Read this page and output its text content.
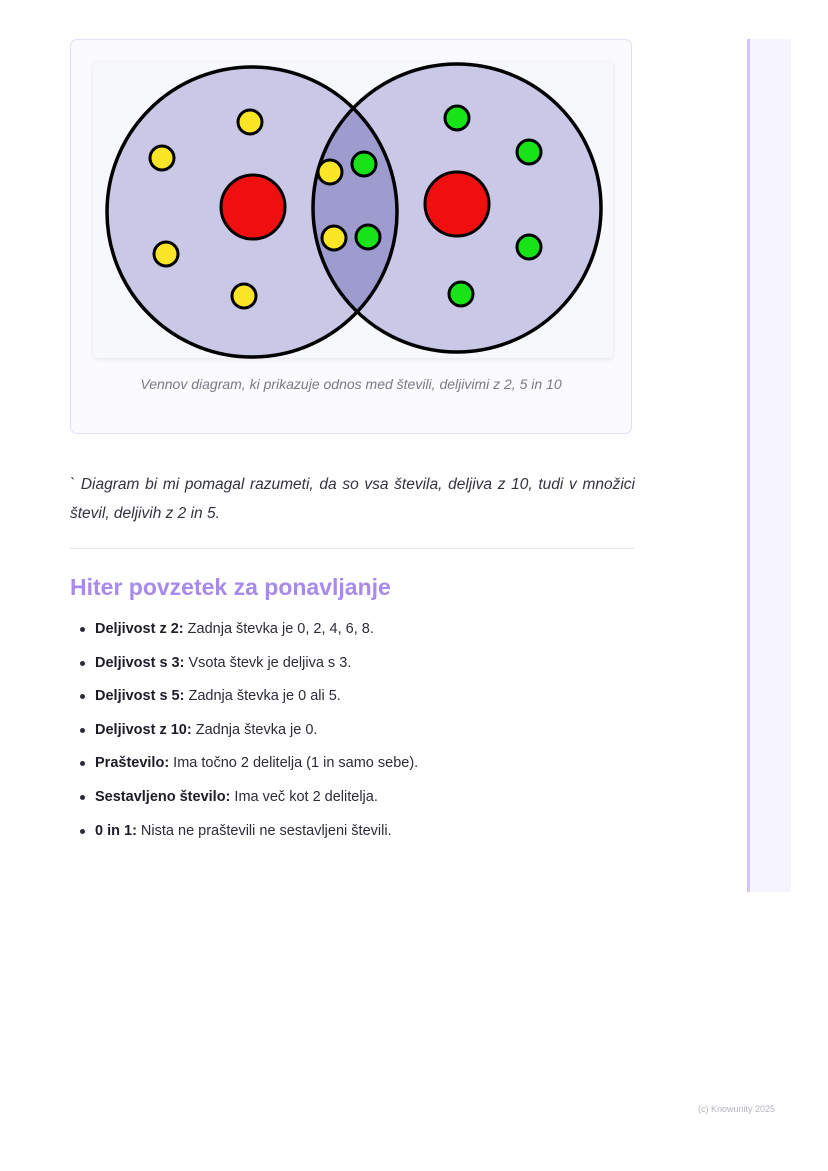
Vennov diagram, ki prikazuje odnos med števili, deljivimi z 2, 5 in 10

` Diagram bi mi pomagal razumeti, da so vsa števila, deljiva z 10, tudi v množici števil, deljivih z 2 in 5.

Hiter povzetek za ponavljanje
Deljivost z 2: Zadnja števka je 0, 2, 4, 6, 8.
Deljivost s 3: Vsota števk je deljiva s 3.
Deljivost s 5: Zadnja števka je 0 ali 5.
Deljivost z 10: Zadnja števka je 0.
Praštevilo: Ima točno 2 delitelja (1 in samo sebe).
Sestavljeno število: Ima več kot 2 delitelja.
0 in 1: Nista ne praštevili ne sestavljeni števili.
(c) Knowunity 2025
